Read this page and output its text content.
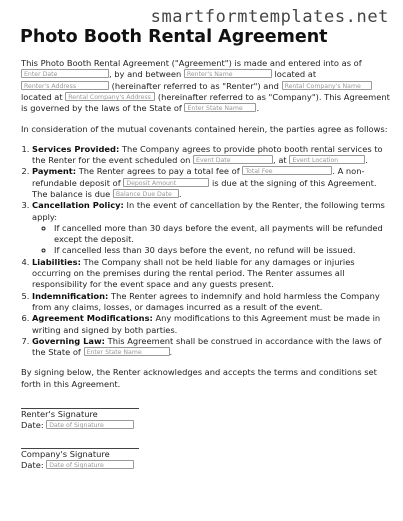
smartformtemplates.net
Photo Booth Rental Agreement

This Photo Booth Rental Agreement ("Agreement") is made and entered into as of Enter Date	, by and between Renter's Name	located at Renter's Address	(hereinafter referred to as "Renter") and Rental Company's Name located at Rental Company's Address (hereinafter referred to as "Company"). This Agreement is governed by the laws of the State of Enter State Name .

In consideration of the mutual covenants contained herein, the parties agree as follows:

1. Services Provided: The Company agrees to provide photo booth rental services to the Renter for the event scheduled on Event Date	, at Event Location	.
2. Payment: The Renter agrees to pay a total fee of Total Fee	. A non-refundable deposit of Deposit Amount	is due at the signing of this Agreement. The balance is due Balance Due Date .
3. Cancellation Policy: In the event of cancellation by the Renter, the following terms apply:
◦ If cancelled more than 30 days before the event, all payments will be refunded except the deposit.
◦ If cancelled less than 30 days before the event, no refund will be issued.
4. Liabilities: The Company shall not be held liable for any damages or injuries occurring on the premises during the rental period. The Renter assumes all responsibility for the event space and any guests present.
5. Indemnification: The Renter agrees to indemnify and hold harmless the Company from any claims, losses, or damages incurred as a result of the event.
6. Agreement Modifications: Any modifications to this Agreement must be made in writing and signed by both parties.
7. Governing Law: This Agreement shall be construed in accordance with the laws of the State of Enter State Name	.

By signing below, the Renter acknowledges and accepts the terms and conditions set forth in this Agreement.

Renter's Signature
Date: Date of Signature
Company's Signature
Date: Date of Signature
